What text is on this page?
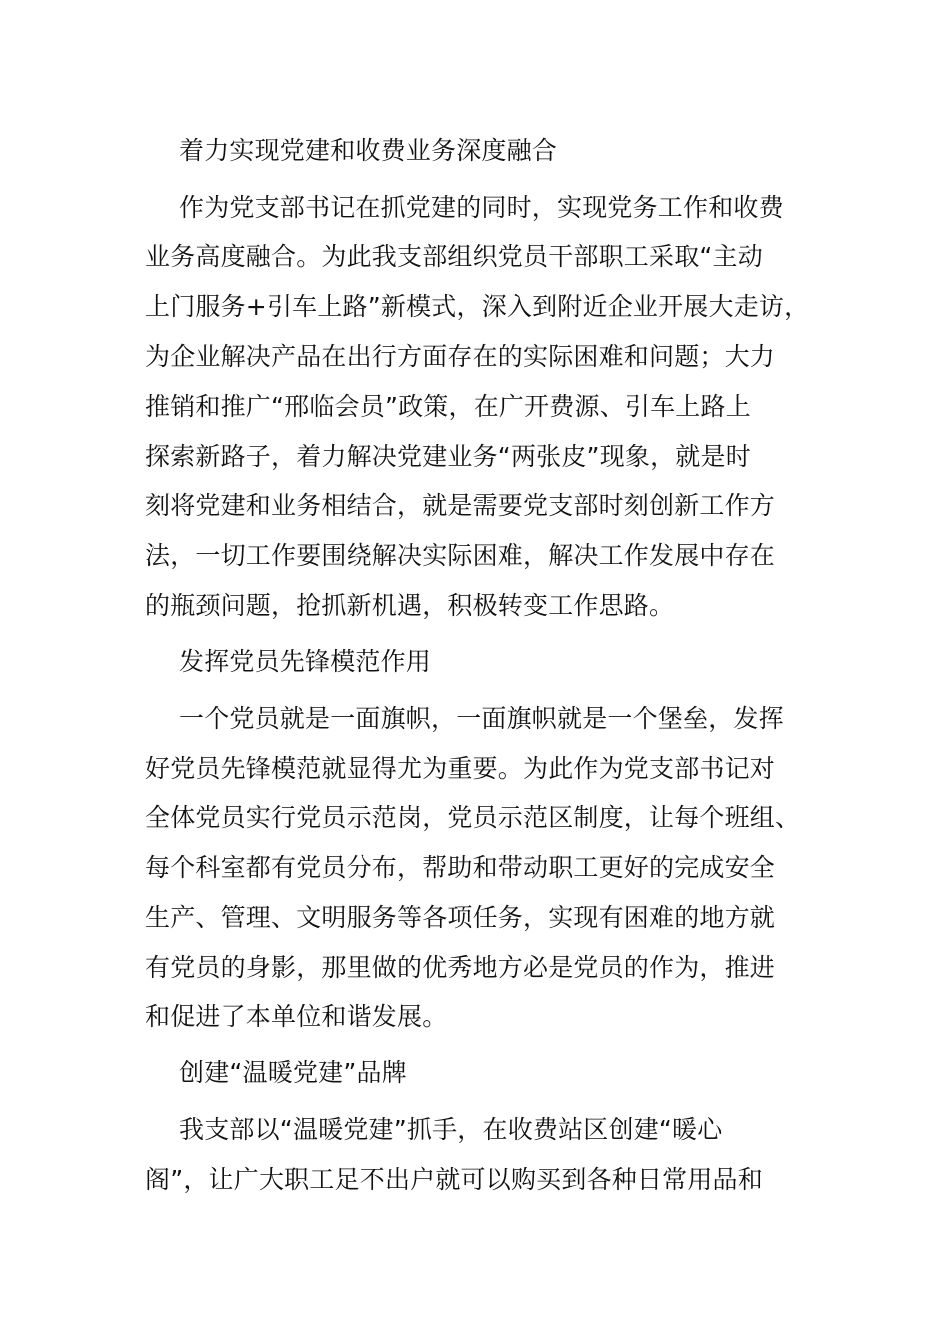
着力实现党建和收费业务深度融合
作为党支部书记在抓党建的同时，实现党务工作和收费
业务高度融合。为此我支部组织党员干部职工采取“主动
上门服务+引车上路”新模式，深入到附近企业开展大走访，
为企业解决产品在出行方面存在的实际困难和问题；大力
推销和推广“邢临会员”政策，在广开费源、引车上路上
探索新路子，着力解决党建业务“两张皮”现象，就是时
刻将党建和业务相结合，就是需要党支部时刻创新工作方
法，一切工作要围绕解决实际困难，解决工作发展中存在
的瓶颈问题，抢抓新机遇，积极转变工作思路。
发挥党员先锋模范作用
一个党员就是一面旗帜，一面旗帜就是一个堡垒，发挥
好党员先锋模范就显得尤为重要。为此作为党支部书记对
全体党员实行党员示范岗，党员示范区制度，让每个班组、
每个科室都有党员分布，帮助和带动职工更好的完成安全
生产、管理、文明服务等各项任务，实现有困难的地方就
有党员的身影，那里做的优秀地方必是党员的作为，推进
和促进了本单位和谐发展。
创建“温暖党建”品牌
我支部以“温暖党建”抓手，在收费站区创建“暖心
阁”，让广大职工足不出户就可以购买到各种日常用品和
